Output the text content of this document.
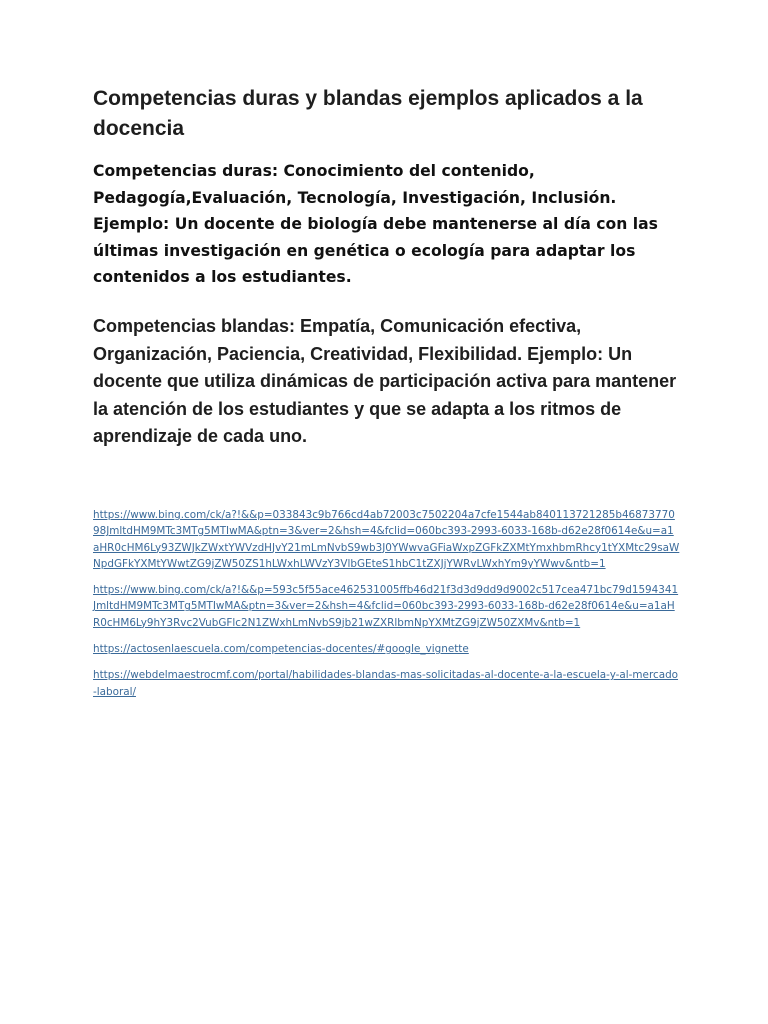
Competencias duras y blandas ejemplos aplicados a la docencia

Competencias duras: Conocimiento del contenido, Pedagogía,Evaluación, Tecnología, Investigación, Inclusión. Ejemplo: Un docente de biología debe mantenerse al día con las últimas investigación en genética o ecología para adaptar los contenidos a los estudiantes.

Competencias blandas: Empatía, Comunicación efectiva, Organización, Paciencia, Creatividad, Flexibilidad. Ejemplo: Un docente que utiliza dinámicas de participación activa para mantener la atención de los estudiantes y que se adapta a los ritmos de aprendizaje de cada uno.

https://www.bing.com/ck/a?!&&p=033843c9b766cd4ab72003c7502204a7cfe1544ab840113721285b4687377098JmltdHM9MTc3MTg5MTIwMA&ptn=3&ver=2&hsh=4&fclid=060bc393-2993-6033-168b-d62e28f0614e&u=a1aHR0cHM6Ly93ZWJkZWxtYWVzdHJvY21mLmNvbS9wb3J0YWwvaGFiaWxpZGFkZXMtYmxhbmRhcy1tYXMtc29saWNpdGFkYXMtYWwtZG9jZW50ZS1hLWxhLWVzY3VlbGEteS1hbC1tZXJjYWRvLWxhYm9yYWwv&ntb=1
https://www.bing.com/ck/a?!&&p=593c5f55ace462531005ffb46d21f3d3d9dd9d9002c517cea471bc79d1594341JmltdHM9MTc3MTg5MTIwMA&ptn=3&ver=2&hsh=4&fclid=060bc393-2993-6033-168b-d62e28f0614e&u=a1aHR0cHM6Ly9hY3Rvc2VubGFlc2N1ZWxhLmNvbS9jb21wZXRlbmNpYXMtZG9jZW50ZXMv&ntb=1
https://actosenlaescuela.com/competencias-docentes/#google_vignette
https://webdelmaestrocmf.com/portal/habilidades-blandas-mas-solicitadas-al-docente-a-la-escuela-y-al-mercado-laboral/
